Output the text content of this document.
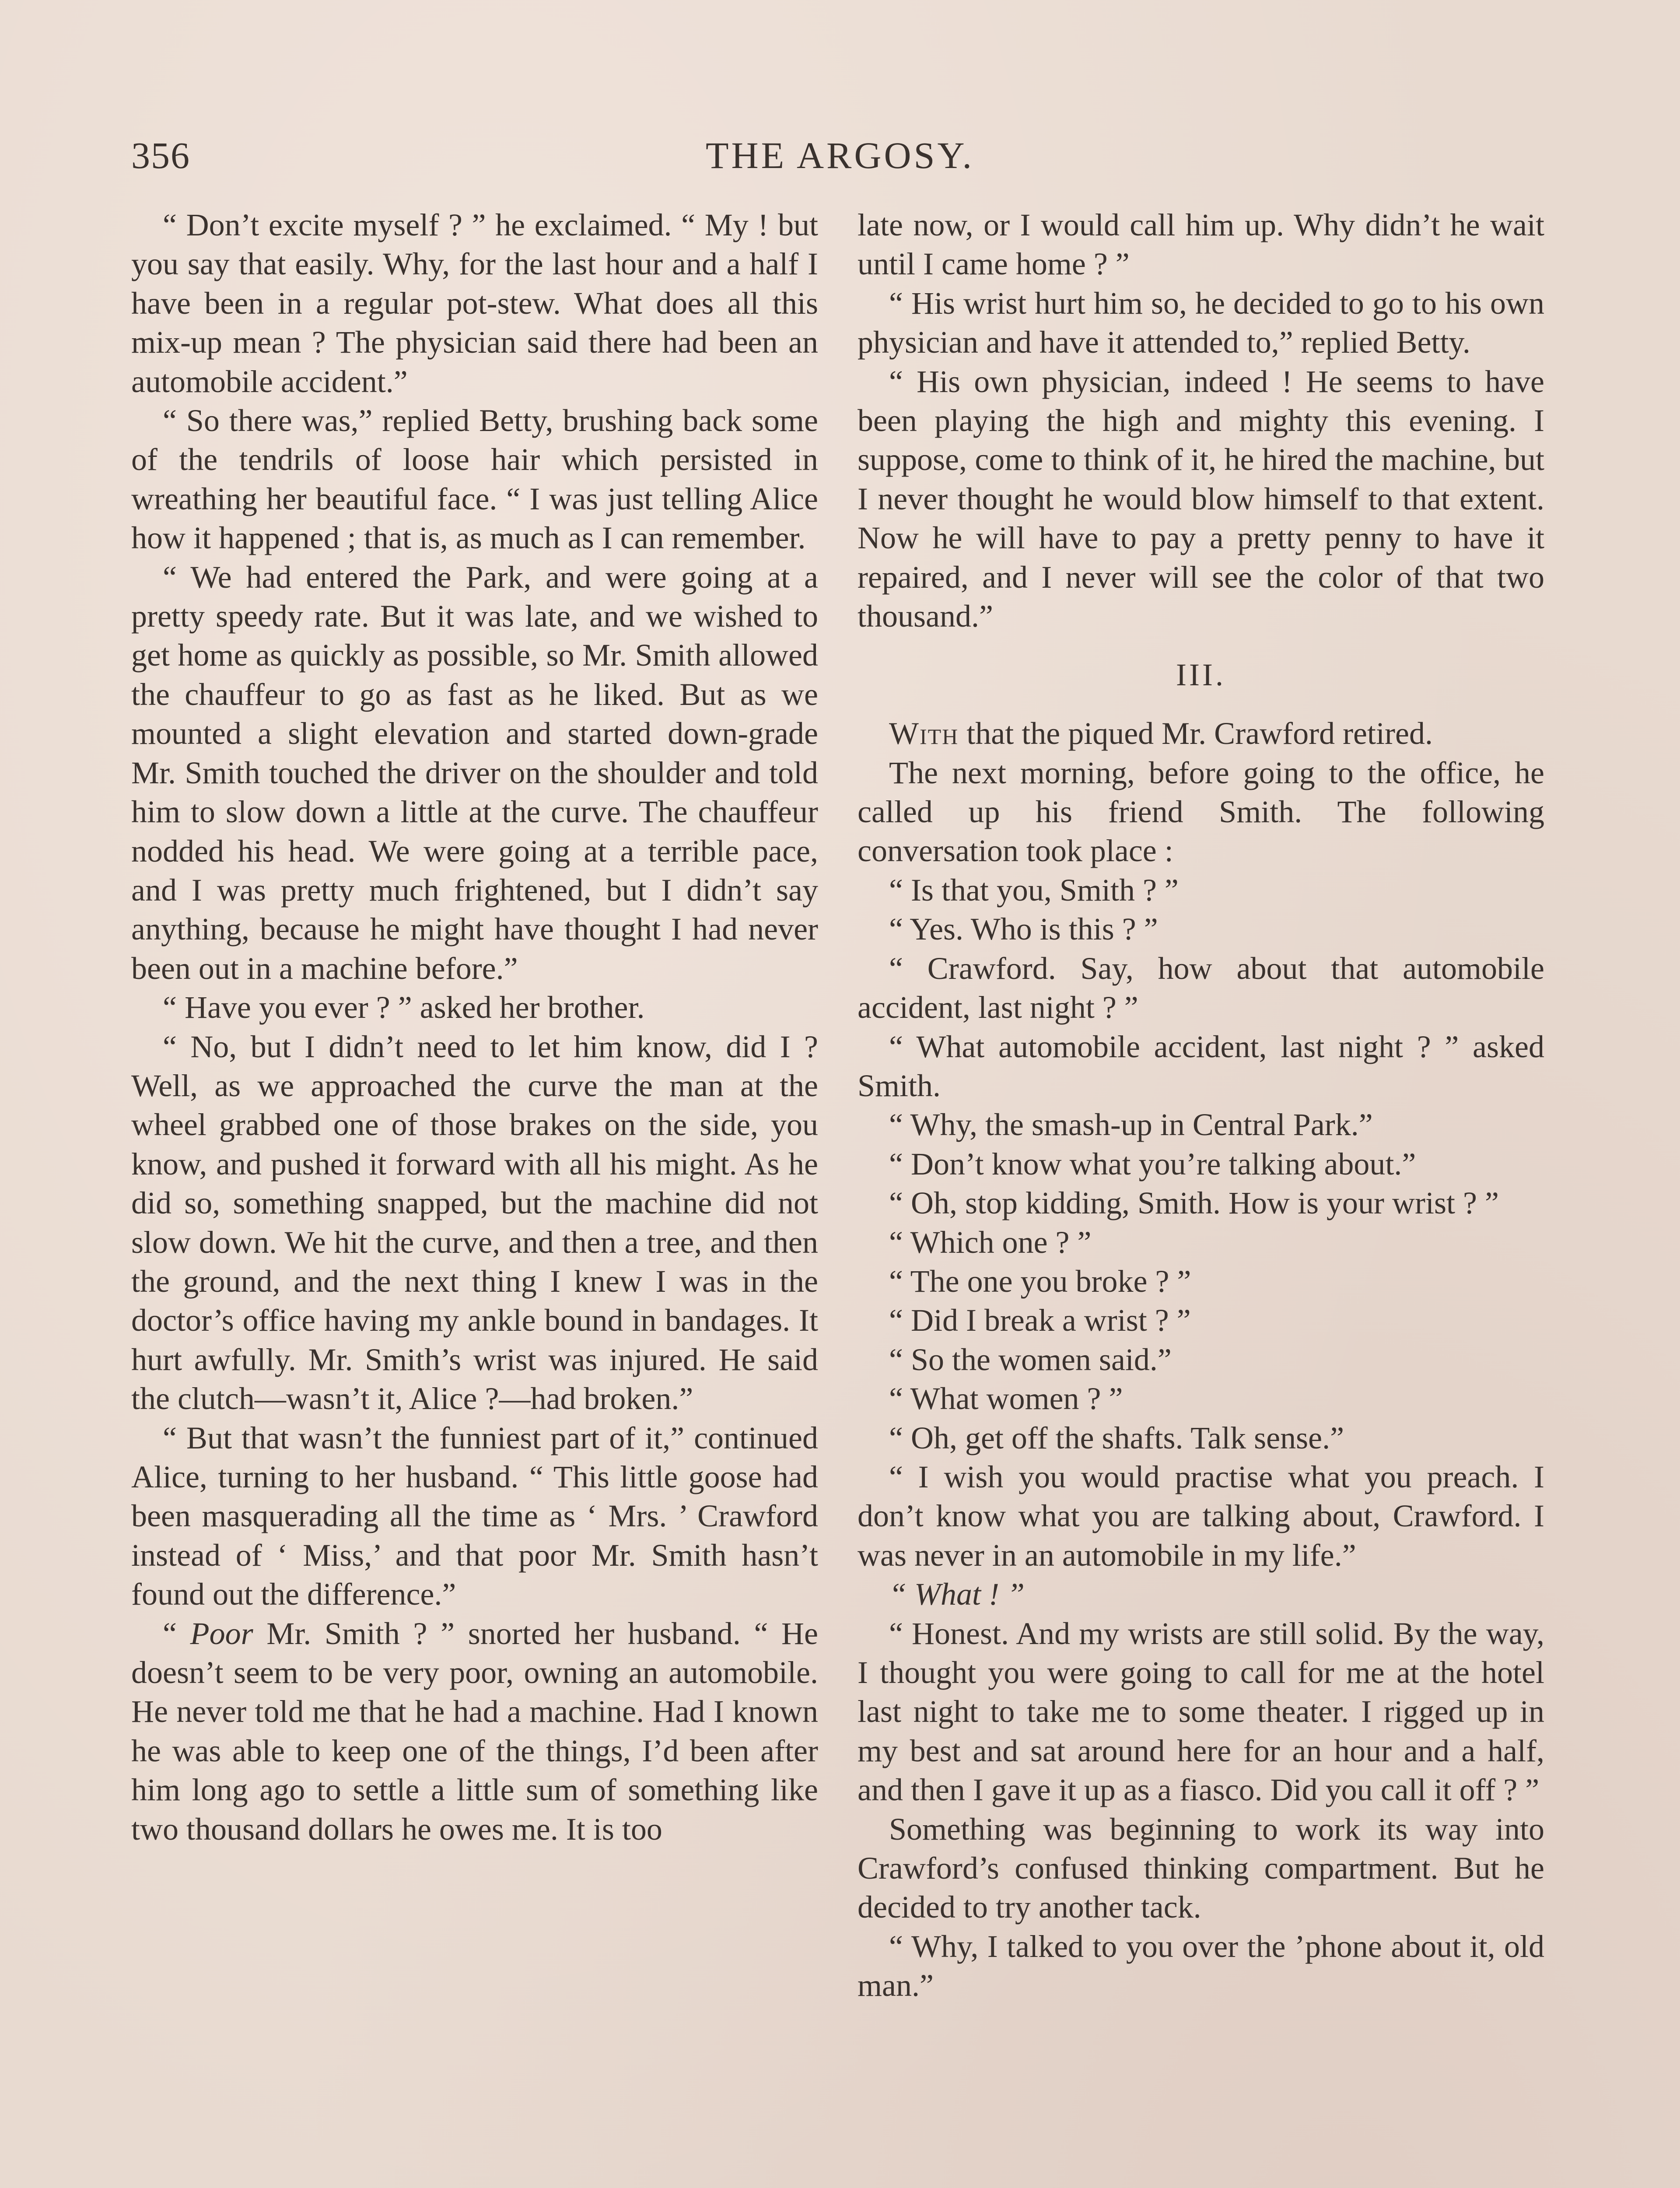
356	THE ARGOSY.

“ Don’t excite myself ? ” he exclaimed. “ My ! but you say that easily. Why, for the last hour and a half I have been in a regular pot-stew. What does all this mix-up mean ? The physician said there had been an automobile accident.”

“ So there was,” replied Betty, brushing back some of the tendrils of loose hair which persisted in wreathing her beautiful face. “ I was just telling Alice how it happened ; that is, as much as I can remember.

“ We had entered the Park, and were going at a pretty speedy rate. But it was late, and we wished to get home as quickly as possible, so Mr. Smith allowed the chauffeur to go as fast as he liked. But as we mounted a slight elevation and started down-grade Mr. Smith touched the driver on the shoulder and told him to slow down a little at the curve. The chauffeur nodded his head. We were going at a terrible pace, and I was pretty much frightened, but I didn’t say anything, because he might have thought I had never been out in a machine before.”

“ Have you ever ? ” asked her brother.

“ No, but I didn’t need to let him know, did I ? Well, as we approached the curve the man at the wheel grabbed one of those brakes on the side, you know, and pushed it forward with all his might. As he did so, something snapped, but the machine did not slow down. We hit the curve, and then a tree, and then the ground, and the next thing I knew I was in the doctor’s office having my ankle bound in bandages. It hurt awfully. Mr. Smith’s wrist was injured. He said the clutch—wasn’t it, Alice ?—had broken.”

“ But that wasn’t the funniest part of it,” continued Alice, turning to her husband. “ This little goose had been masquerading all the time as ‘ Mrs. ’ Crawford instead of ‘ Miss,’ and that poor Mr. Smith hasn’t found out the difference.”

“ Poor Mr. Smith ? ” snorted her husband. “ He doesn’t seem to be very poor, owning an automobile. He never told me that he had a machine. Had I known he was able to keep one of the things, I’d been after him long ago to settle a little sum of something like two thousand dollars he owes me. It is too

late now, or I would call him up. Why didn’t he wait until I came home ? ”

“ His wrist hurt him so, he decided to go to his own physician and have it attended to,” replied Betty.

“ His own physician, indeed ! He seems to have been playing the high and mighty this evening. I suppose, come to think of it, he hired the machine, but I never thought he would blow himself to that extent. Now he will have to pay a pretty penny to have it repaired, and I never will see the color of that two thousand.”

III.

With that the piqued Mr. Crawford retired.

The next morning, before going to the office, he called up his friend Smith. The following conversation took place :

“ Is that you, Smith ? ”

“ Yes. Who is this ? ”

“ Crawford. Say, how about that automobile accident, last night ? ”

“ What automobile accident, last night ? ” asked Smith.

“ Why, the smash-up in Central Park.”

“ Don’t know what you’re talking about.”

“ Oh, stop kidding, Smith. How is your wrist ? ”

“ Which one ? ”

“ The one you broke ? ”

“ Did I break a wrist ? ”

“ So the women said.”

“ What women ? ”

“ Oh, get off the shafts. Talk sense.”

“ I wish you would practise what you preach. I don’t know what you are talking about, Crawford. I was never in an automobile in my life.”

“ What ! ”

“ Honest. And my wrists are still solid. By the way, I thought you were going to call for me at the hotel last night to take me to some theater. I rigged up in my best and sat around here for an hour and a half, and then I gave it up as a fiasco. Did you call it off ? ”

Something was beginning to work its way into Crawford’s confused thinking compartment. But he decided to try another tack.

“ Why, I talked to you over the ’phone about it, old man.”
